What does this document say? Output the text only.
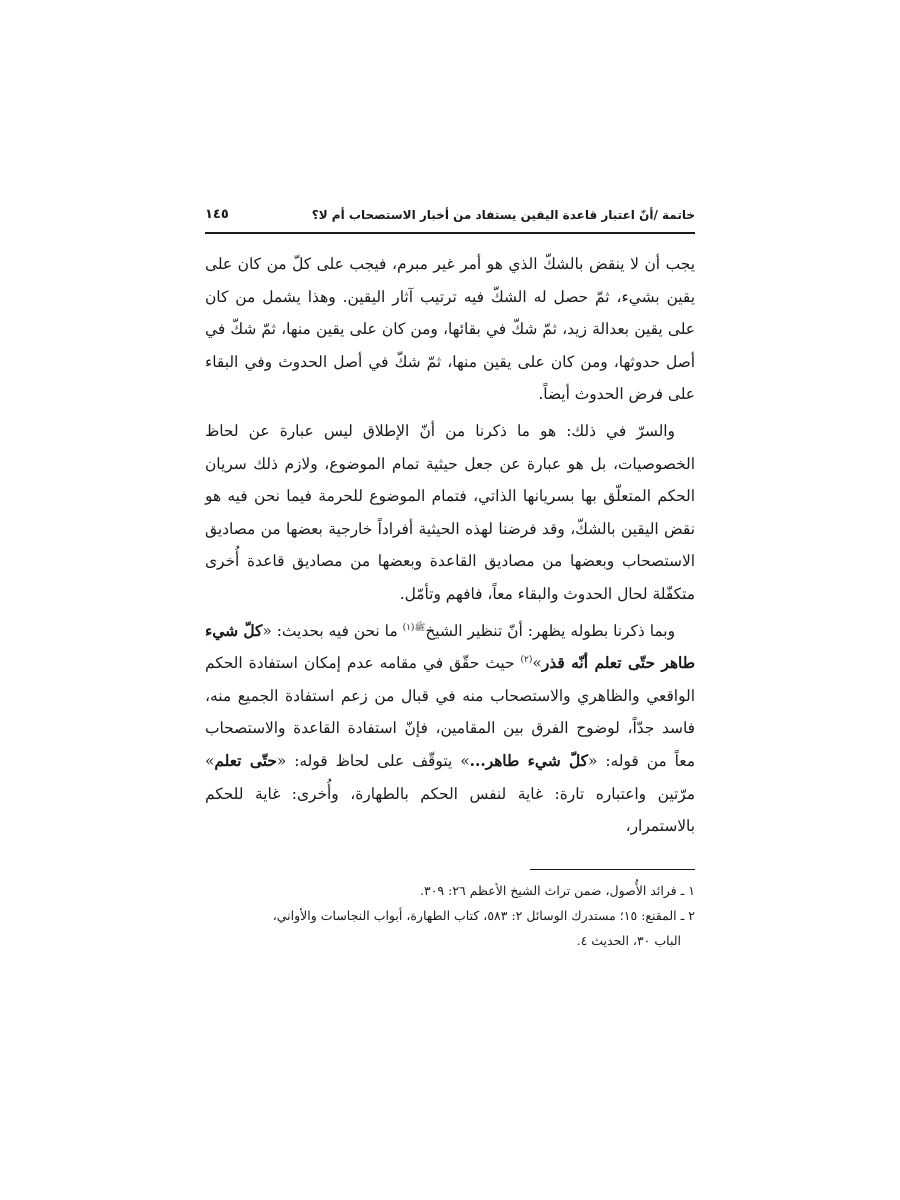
خاتمة /أنّ اعتبار قاعدة اليقين يستفاد من أخبار الاستصحاب أم لا؟
١٤٥

يجب أن لا ينقض بالشكّ الذي هو أمر غير مبرم، فيجب على كلّ من كان على يقين بشيء، ثمّ حصل له الشكّ فيه ترتيب آثار اليقين. وهذا يشمل من كان على يقين بعدالة زيد، ثمّ شكّ في بقائها، ومن كان على يقين منها، ثمّ شكّ في أصل حدوثها، ومن كان على يقين منها، ثمّ شكّ في أصل الحدوث وفي البقاء على فرض الحدوث أيضاً.

والسرّ في ذلك: هو ما ذكرنا من أنّ الإطلاق ليس عبارة عن لحاظ الخصوصيات، بل هو عبارة عن جعل حيثية تمام الموضوع، ولازم ذلك سريان الحكم المتعلّق بها بسريانها الذاتي، فتمام الموضوع للحرمة فيما نحن فيه هو نقض اليقين بالشكّ، وقد فرضنا لهذه الحيثية أفراداً خارجية بعضها من مصاديق الاستصحاب وبعضها من مصاديق القاعدة وبعضها من مصاديق قاعدة أُخرى متكفّلة لحال الحدوث والبقاء معاً، فافهم وتأمّل.

وبما ذكرنا بطوله يظهر: أنّ تنظير الشيخ$^{ﷺ(١)}$ ما نحن فيه بحديث: «كلّ شيء طاهر حتّى تعلم أنّه قذر»$^{(٢)}$ حيث حقّق في مقامه عدم إمكان استفادة الحكم الواقعي والظاهري والاستصحاب منه في قبال من زعم استفادة الجميع منه، فاسد جدّاً، لوضوح الفرق بين المقامين، فإنّ استفادة القاعدة والاستصحاب معاً من قوله: «كلّ شيء طاهر...» يتوقّف على لحاظ قوله: «حتّى تعلم» مرّتين واعتباره تارة: غاية لنفس الحكم بالطهارة، وأُخرى: غاية للحكم بالاستمرار،

١ ـ فرائد الأُصول، ضمن تراث الشيخ الأعظم ٢٦: ٣٠٩.

٢ ـ المقنع: ١٥؛ مستدرك الوسائل ٢: ٥٨٣، كتاب الطهارة، أبواب النجاسات والأواني،

الباب ٣٠، الحديث ٤.
